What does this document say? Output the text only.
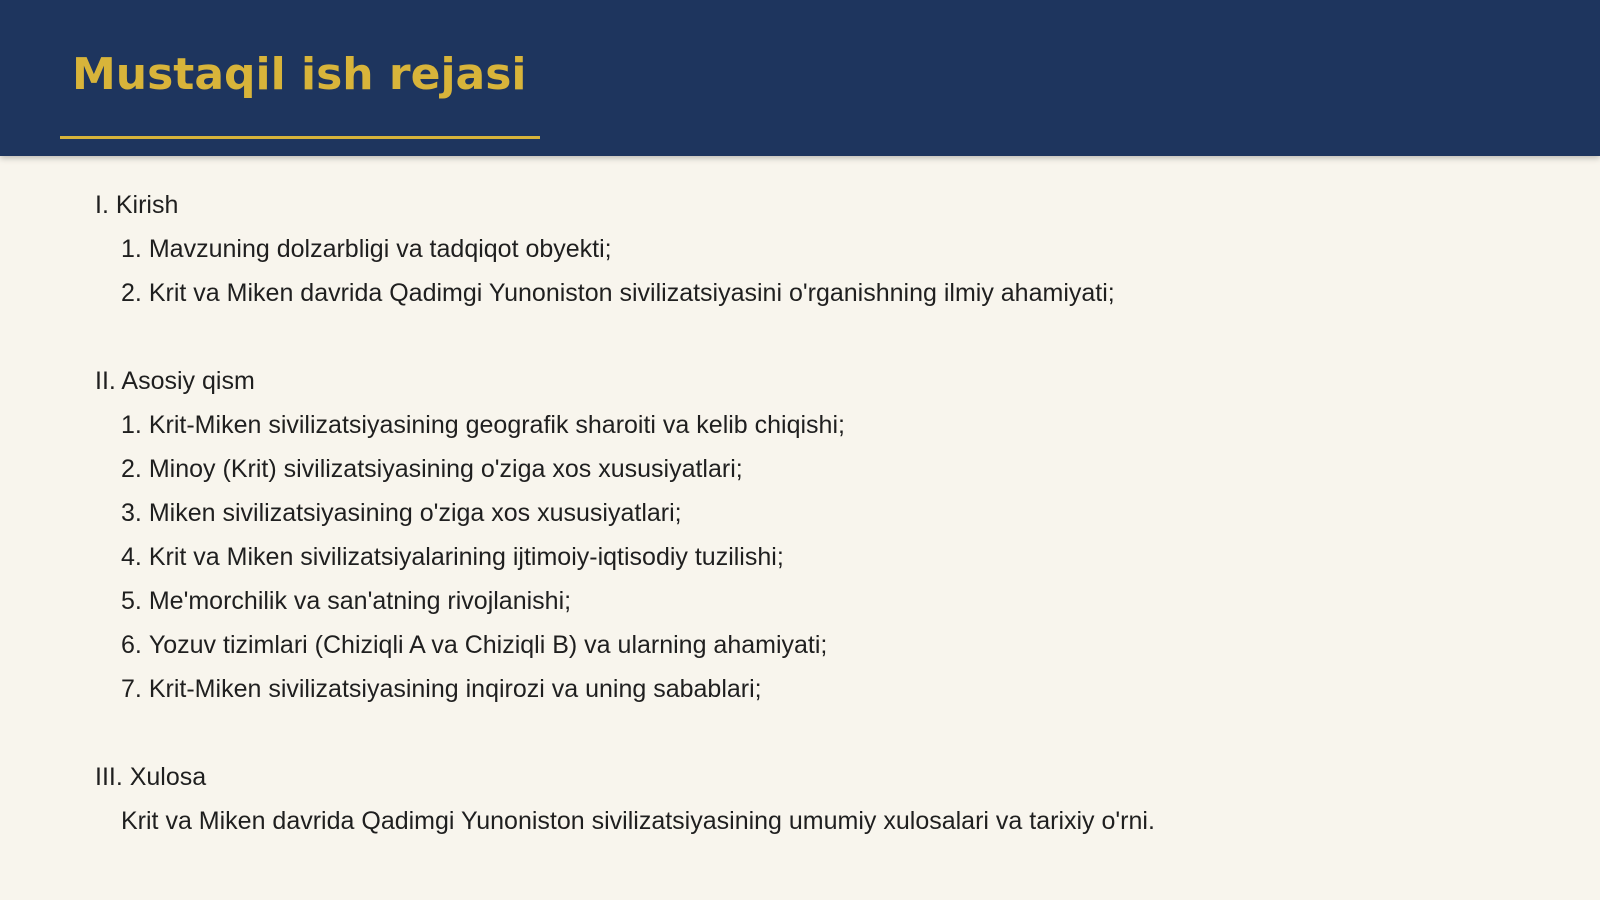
Mustaqil ish rejasi
I. Kirish
1. Mavzuning dolzarbligi va tadqiqot obyekti;
2. Krit va Miken davrida Qadimgi Yunoniston sivilizatsiyasini o'rganishning ilmiy ahamiyati;
II. Asosiy qism
1. Krit-Miken sivilizatsiyasining geografik sharoiti va kelib chiqishi;
2. Minoy (Krit) sivilizatsiyasining o'ziga xos xususiyatlari;
3. Miken sivilizatsiyasining o'ziga xos xususiyatlari;
4. Krit va Miken sivilizatsiyalarining ijtimoiy-iqtisodiy tuzilishi;
5. Me'morchilik va san'atning rivojlanishi;
6. Yozuv tizimlari (Chiziqli A va Chiziqli B) va ularning ahamiyati;
7. Krit-Miken sivilizatsiyasining inqirozi va uning sabablari;
III. Xulosa
Krit va Miken davrida Qadimgi Yunoniston sivilizatsiyasining umumiy xulosalari va tarixiy o'rni.
